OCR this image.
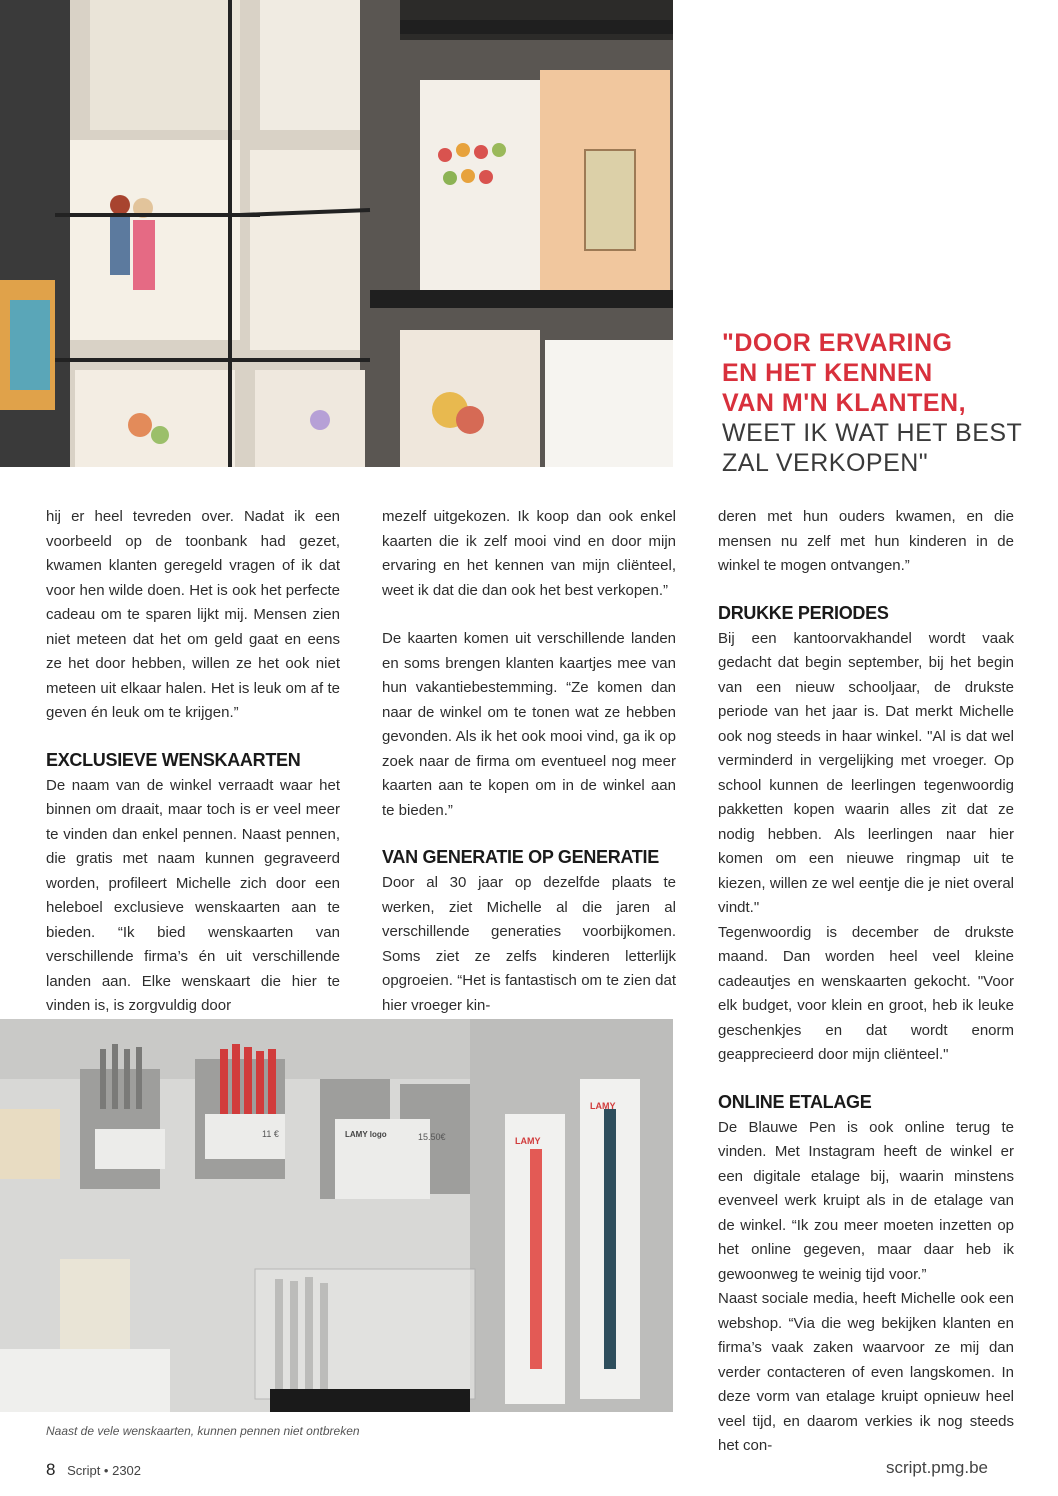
"DOOR ERVARING
EN HET KENNEN
VAN M'N KLANTEN,
WEET IK WAT HET BEST
ZAL VERKOPEN"

hij er heel tevreden over. Nadat ik een voorbeeld op de toonbank had gezet, kwamen klanten geregeld vragen of ik dat voor hen wilde doen. Het is ook het perfecte cadeau om te sparen lijkt mij. Mensen zien niet meteen dat het om geld gaat en eens ze het door hebben, willen ze het ook niet meteen uit elkaar halen. Het is leuk om af te geven én leuk om te krijgen.”

EXCLUSIEVE WENSKAARTEN

De naam van de winkel verraadt waar het binnen om draait, maar toch is er veel meer te vinden dan enkel pennen. Naast pennen, die gratis met naam kunnen gegraveerd worden, profileert Michelle zich door een heleboel exclusieve wenskaarten aan te bieden. “Ik bied wenskaarten van verschillende firma’s én uit verschillende landen aan. Elke wenskaart die hier te vinden is, is zorgvuldig door

mezelf uitgekozen. Ik koop dan ook enkel kaarten die ik zelf mooi vind en door mijn ervaring en het kennen van mijn cliënteel, weet ik dat die dan ook het best verkopen.”

De kaarten komen uit verschillende landen en soms brengen klanten kaartjes mee van hun vakantiebestemming. “Ze komen dan naar de winkel om te tonen wat ze hebben gevonden. Als ik het ook mooi vind, ga ik op zoek naar de firma om eventueel nog meer kaarten aan te kopen om in de winkel aan te bieden.”

VAN GENERATIE OP GENERATIE

Door al 30 jaar op dezelfde plaats te werken, ziet Michelle al die jaren al verschillende generaties voorbijkomen. Soms ziet ze zelfs kinderen letterlijk opgroeien. “Het is fantastisch om te zien dat hier vroeger kin-

deren met hun ouders kwamen, en die mensen nu zelf met hun kinderen in de winkel te mogen ontvangen.”

DRUKKE PERIODES

Bij een kantoorvakhandel wordt vaak gedacht dat begin september, bij het begin van een nieuw schooljaar, de drukste periode van het jaar is. Dat merkt Michelle ook nog steeds in haar winkel. "Al is dat wel verminderd in vergelijking met vroeger. Op school kunnen de leerlingen tegenwoordig pakketten kopen waarin alles zit dat ze nodig hebben. Als leerlingen naar hier komen om een nieuwe ringmap uit te kiezen, willen ze wel eentje die je niet overal vindt."

Tegenwoordig is december de drukste maand. Dan worden heel veel kleine cadeautjes en wenskaarten gekocht. "Voor elk budget, voor klein en groot, heb ik leuke geschenkjes en dat wordt enorm geapprecieerd door mijn cliënteel."

ONLINE ETALAGE

De Blauwe Pen is ook online terug te vinden. Met Instagram heeft de winkel er een digitale etalage bij, waarin minstens evenveel werk kruipt als in de etalage van de winkel. “Ik zou meer moeten inzetten op het online gegeven, maar daar heb ik gewoonweg te weinig tijd voor.”

Naast sociale media, heeft Michelle ook een webshop. “Via die weg bekijken klanten en firma’s vaak zaken waarvoor ze mij dan verder contacteren of even langskomen. In deze vorm van etalage kruipt opnieuw heel veel tijd, en daarom verkies ik nog steeds het con-

11 €	15.50€
LAMY logo
LAMY
LAMY
Naast de vele wenskaarten, kunnen pennen niet ontbreken
8 Script • 2302	script.pmg.be
